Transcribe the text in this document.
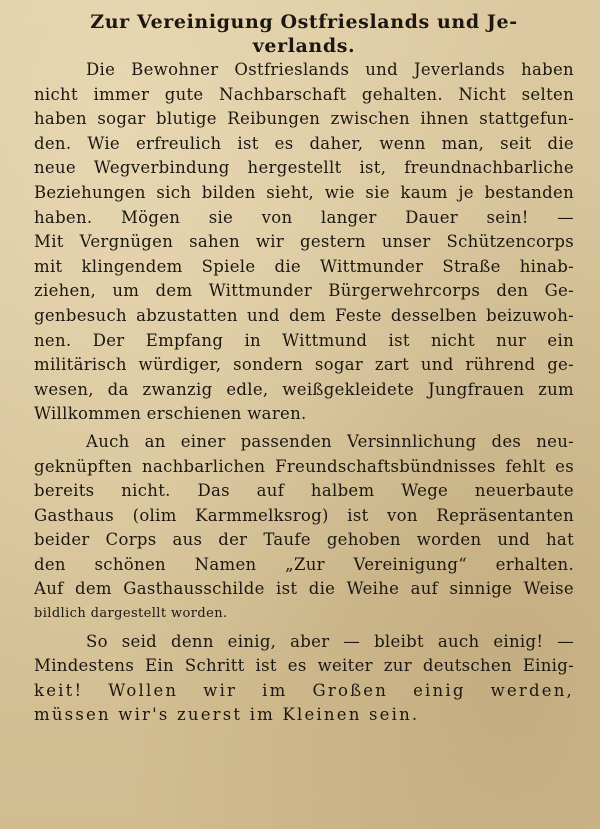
Zur Vereinigung Ostfrieslands und Je-
verlands.

Die Bewohner Ostfrieslands und Jeverlands haben
nicht immer gute Nachbarschaft gehalten. Nicht selten
haben sogar blutige Reibungen zwischen ihnen stattgefun-
den. Wie erfreulich ist es daher, wenn man, seit die
neue Wegverbindung hergestellt ist, freundnachbarliche
Beziehungen sich bilden sieht, wie sie kaum je bestanden
haben. Mögen sie von langer Dauer sein! —

Mit Vergnügen sahen wir gestern unser Schützencorps
mit klingendem Spiele die Wittmunder Straße hinab-
ziehen, um dem Wittmunder Bürgerwehrcorps den Ge-
genbesuch abzustatten und dem Feste desselben beizuwoh-
nen. Der Empfang in Wittmund ist nicht nur ein
militärisch würdiger, sondern sogar zart und rührend ge-
wesen, da zwanzig edle, weißgekleidete Jungfrauen zum
Willkommen erschienen waren.

Auch an einer passenden Versinnlichung des neu-
geknüpften nachbarlichen Freundschaftsbündnisses fehlt es
bereits nicht. Das auf halbem Wege neuerbaute
Gasthaus (olim Karmmelksrog) ist von Repräsentanten
beider Corps aus der Taufe gehoben worden und hat
den schönen Namen „Zur Vereinigung“ erhalten.
Auf dem Gasthausschilde ist die Weihe auf sinnige Weise
bildlich dargestellt worden.

So seid denn einig, aber — bleibt auch einig! —
Mindestens Ein Schritt ist es weiter zur deutschen Einig-
keit! Wollen wir im Großen einig werden,
müssen wir's zuerst im Kleinen sein.
